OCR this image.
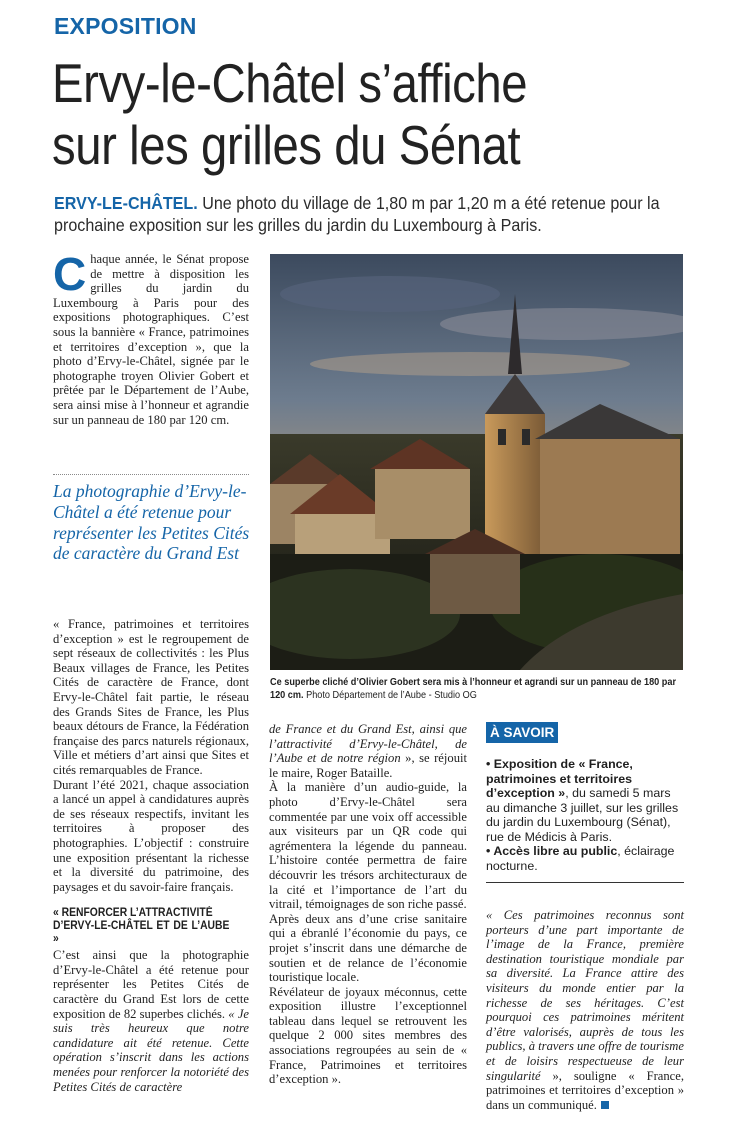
EXPOSITION
Ervy-le-Châtel s’affiche
sur les grilles du Sénat
ERVY-LE-CHÂTEL. Une photo du village de 1,80 m par 1,20 m a été retenue pour la prochaine exposition sur les grilles du jardin du Luxembourg à Paris.
C haque année, le Sénat propose de mettre à disposition les grilles du jardin du Luxembourg à Paris pour des expositions photographiques. C’est sous la bannière « France, patrimoines et territoires d’exception », que la photo d’Ervy-le-Châtel, signée par le photographe troyen Olivier Gobert et prêtée par le Département de l’Aube, sera ainsi mise à l’honneur et agrandie sur un panneau de 180 par 120 cm.
La photographie d’Ervy-le-Châtel a été retenue pour représenter les Petites Cités de caractère du Grand Est

« France, patrimoines et territoires d’exception » est le regroupement de sept réseaux de collectivités : les Plus Beaux villages de France, les Petites Cités de caractère de France, dont Ervy-le-Châtel fait partie, le réseau des Grands Sites de France, les Plus beaux détours de France, la Fédération française des parcs naturels régionaux, Ville et métiers d’art ainsi que Sites et cités remarquables de France.

Durant l’été 2021, chaque association a lancé un appel à candidatures auprès de ses réseaux respectifs, invitant les territoires à proposer des photographies. L’objectif : construire une exposition présentant la richesse et la diversité du patrimoine, des paysages et du savoir-faire français.

« RENFORCER L’ATTRACTIVITÉ
D’ERVY-LE-CHÂTEL ET DE L’AUBE »

C’est ainsi que la photographie d’Ervy-le-Châtel a été retenue pour représenter les Petites Cités de caractère du Grand Est lors de cette exposition de 82 superbes clichés. « Je suis très heureux que notre candidature ait été retenue. Cette opération s’inscrit dans les actions menées pour renforcer la notoriété des Petites Cités de caractère

Ce superbe cliché d’Olivier Gobert sera mis à l’honneur et agrandi sur un panneau de 180 par 120 cm. Photo Département de l’Aube - Studio OG

de France et du Grand Est, ainsi que l’attractivité d’Ervy-le-Châtel, de l’Aube et de notre région », se réjouit le maire, Roger Bataille.

À la manière d’un audio-guide, la photo d’Ervy-le-Châtel sera commentée par une voix off accessible aux visiteurs par un QR code qui agrémentera la légende du panneau. L’histoire contée permettra de faire découvrir les trésors architecturaux de la cité et l’importance de l’art du vitrail, témoignages de son riche passé.

Après deux ans d’une crise sanitaire qui a ébranlé l’économie du pays, ce projet s’inscrit dans une démarche de soutien et de relance de l’économie touristique locale.

Révélateur de joyaux méconnus, cette exposition illustre l’exceptionnel tableau dans lequel se retrouvent les quelque 2 000 sites membres des associations regroupées au sein de « France, Patrimoines et territoires d’exception ».

À SAVOIR

• Exposition de « France, patrimoines et territoires d’exception », du samedi 5 mars au dimanche 3 juillet, sur les grilles du jardin du Luxembourg (Sénat), rue de Médicis à Paris.

• Accès libre au public, éclairage nocturne.

« Ces patrimoines reconnus sont porteurs d’une part importante de l’image de la France, première destination touristique mondiale par sa diversité. La France attire des visiteurs du monde entier par la richesse de ses héritages. C’est pourquoi ces patrimoines méritent d’être valorisés, auprès de tous les publics, à travers une offre de tourisme et de loisirs respectueuse de leur singularité », souligne « France, patrimoines et territoires d’exception » dans un communiqué.
